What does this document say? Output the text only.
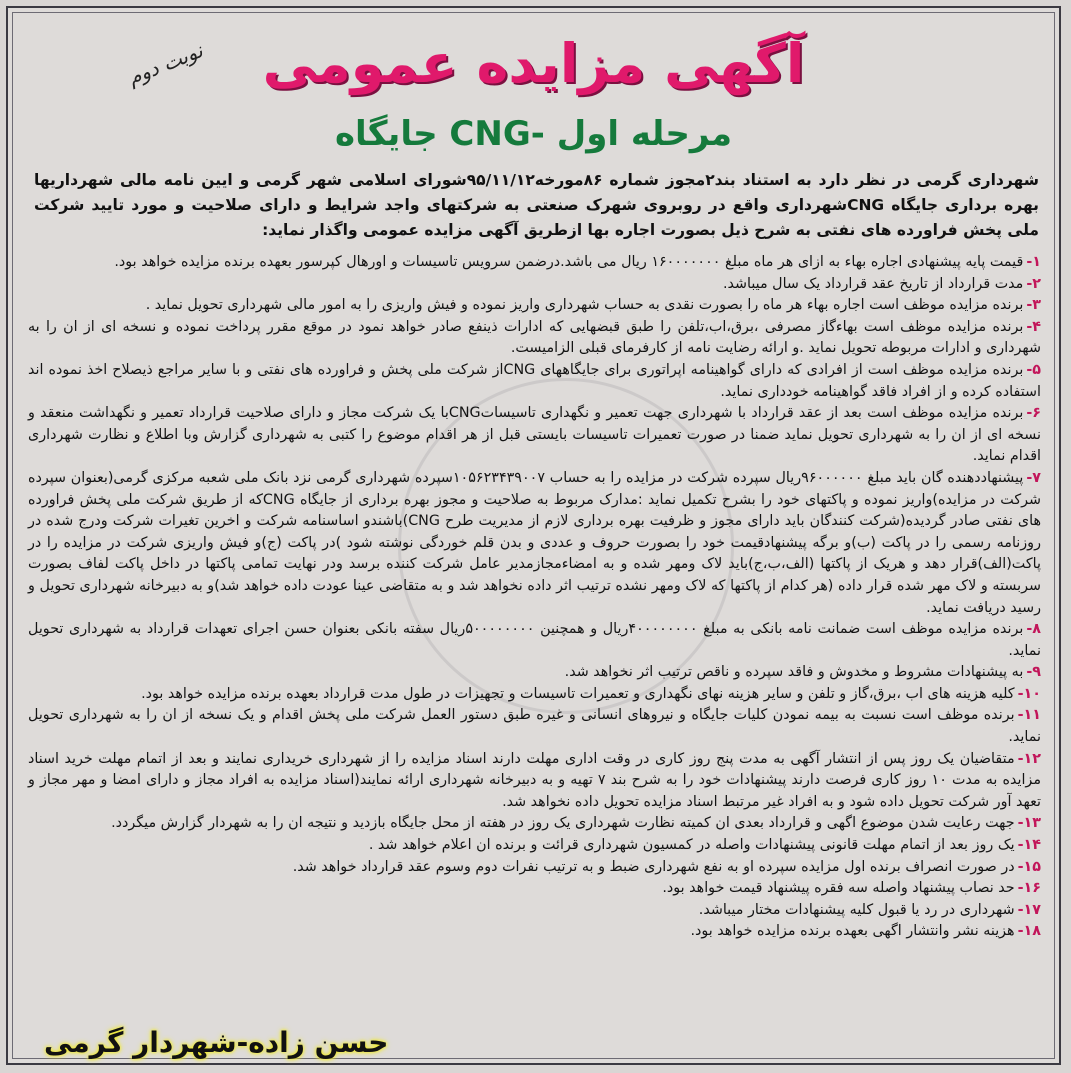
نوبت دوم	آگهی مزایده عمومی
جایگاه CNG- مرحله اول
شهرداری گرمی در نظر دارد به استناد بند۲مجوز شماره ۸۶مورخه۹۵/۱۱/۱۲شورای اسلامی شهر گرمی و ایین نامه مالی شهرداریها بهره برداری جایگاه CNGشهرداری واقع در روبروی شهرک صنعتی به شرکتهای واجد شرایط و دارای صلاحیت و مورد تایید شرکت ملی پخش فراورده های نفتی به شرح ذیل بصورت اجاره بها ازطریق آگهی مزایده عمومی واگذار نماید:
۱-قیمت پایه پیشنهادی اجاره بهاء به ازای هر ماه مبلغ ۱۶۰۰۰۰۰۰۰ ریال می باشد.درضمن سرویس تاسیسات و اورهال کپرسور بعهده برنده مزایده خواهد بود.
۲-مدت قرارداد از تاریخ عقد قرارداد یک سال میباشد.
۳-برنده مزایده موظف است اجاره بهاء هر ماه را بصورت نقدی به حساب شهرداری واریز نموده و فیش واریزی را به امور مالی شهرداری تحویل نماید .
۴-برنده مزایده موظف است بهاءگاز مصرفی ،برق،اب،تلفن را طبق قبضهایی که ادارات ذینفع صادر خواهد نمود در موقع مقرر پرداخت نموده و نسخه ای از ان را به شهرداری و ادارات مربوطه تحویل نماید .و ارائه رضایت نامه از کارفرمای قبلی الزامیست.
۵-برنده مزایده موظف است از افرادی که دارای گواهینامه اپراتوری برای جایگاههای CNGاز شرکت ملی پخش و فراورده های نفتی و با سایر مراجع ذیصلاح اخذ نموده اند استفاده کرده و از افراد فاقد گواهینامه خودداری نماید.
۶-برنده مزایده موظف است بعد از عقد قرارداد با شهرداری جهت تعمیر و نگهداری تاسیساتCNGبا یک شرکت مجاز و دارای صلاحیت قرارداد تعمیر و نگهداشت منعقد و نسخه ای از ان را به شهرداری تحویل نماید ضمنا در صورت تعمیرات تاسیسات بایستی قبل از هر اقدام موضوع را کتبی به شهرداری گزارش وبا اطلاع و نظارت شهرداری اقدام نماید.
۷-پیشنهاددهنده گان باید مبلغ ۹۶۰۰۰۰۰۰ریال سپرده شرکت در مزایده را به حساب ۱۰۵۶۲۳۴۳۹۰۰۷سپرده شهرداری گرمی نزد بانک ملی شعبه مرکزی گرمی(بعنوان سپرده شرکت در مزایده)واریز نموده و پاکتهای خود را بشرح تکمیل نماید :مدارک مربوط به صلاحیت و مجوز بهره برداری از جایگاه CNGکه از طریق شرکت ملی پخش فراورده های نفتی صادر گردیده(شرکت کنندگان باید دارای مجوز و ظرفیت بهره برداری لازم از مدیریت طرح CNG)باشندو اساسنامه شرکت و اخرین تغیرات شرکت ودرج شده در روزنامه رسمی را در پاکت (ب)و برگه پیشنهادقیمت خود را بصورت حروف و عددی و بدن قلم خوردگی نوشته شود )در پاکت (ج)و فیش واریزی شرکت در مزایده را در پاکت(الف)قرار دهد و هریک از پاکتها (الف،ب،ج)باید لاک ومهر شده و به امضاءمجازمدیر عامل شرکت کننده برسد ودر نهایت تمامی پاکتها در داخل پاکت لفاف بصورت سربسته و لاک مهر شده قرار داده (هر کدام از پاکتها که لاک ومهر نشده ترتیب اثر داده نخواهد شد و به متقاضی عینا عودت داده خواهد شد)و به دبیرخانه شهرداری تحویل و رسید دریافت نماید.
۸-برنده مزایده موظف است ضمانت نامه بانکی به مبلغ ۴۰۰۰۰۰۰۰۰ریال و همچنین ۵۰۰۰۰۰۰۰۰ریال سفته بانکی بعنوان حسن اجرای تعهدات قرارداد به شهرداری تحویل نماید.
۹-به پیشنهادات مشروط و مخدوش و فاقد سپرده و ناقص ترتیب اثر نخواهد شد.
۱۰-کلیه هزینه های اب ،برق،گاز و تلفن و سایر هزینه نهای نگهداری و تعمیرات تاسیسات و تجهیزات در طول مدت قرارداد بعهده برنده مزایده خواهد بود.
۱۱-برنده موظف است نسبت به بیمه نمودن کلیات جایگاه و نیروهای انسانی و غیره طبق دستور العمل شرکت ملی پخش اقدام و یک نسخه از ان را به شهرداری تحویل نماید.
۱۲-متقاضیان یک روز پس از انتشار آگهی به مدت پنج روز کاری در وقت اداری مهلت دارند اسناد مزایده را از شهرداری خریداری نمایند و بعد از اتمام مهلت خرید اسناد مزایده به مدت ۱۰ روز کاری فرصت دارند پیشنهادات خود را به شرح بند ۷ تهیه و به دبیرخانه شهرداری ارائه نمایند(اسناد مزایده به افراد مجاز و دارای امضا و مهر مجاز و تعهد آور شرکت تحویل داده شود و به افراد غیر مرتبط اسناد مزایده تحویل داده نخواهد شد.
۱۳-جهت رعایت شدن موضوع اگهی و قرارداد بعدی ان کمیته نظارت شهرداری یک روز در هفته از محل جایگاه بازدید و نتیجه ان را به شهردار گزارش میگردد.
۱۴-یک روز بعد از اتمام مهلت قانونی پیشنهادات واصله در کمسیون شهرداری قرائت و برنده ان اعلام خواهد شد .
۱۵-در صورت انصراف برنده اول مزایده سپرده او به نفع شهرداری ضبط و به ترتیب نفرات دوم وسوم عقد قرارداد خواهد شد.
۱۶-حد نصاب پیشنهاد واصله سه فقره پیشنهاد قیمت خواهد بود.
۱۷-شهرداری در رد یا قبول کلیه پیشنهادات مختار میباشد.
۱۸-هزینه نشر وانتشار اگهی بعهده برنده مزایده خواهد بود.
حسن زاده-شهردار گرمی
